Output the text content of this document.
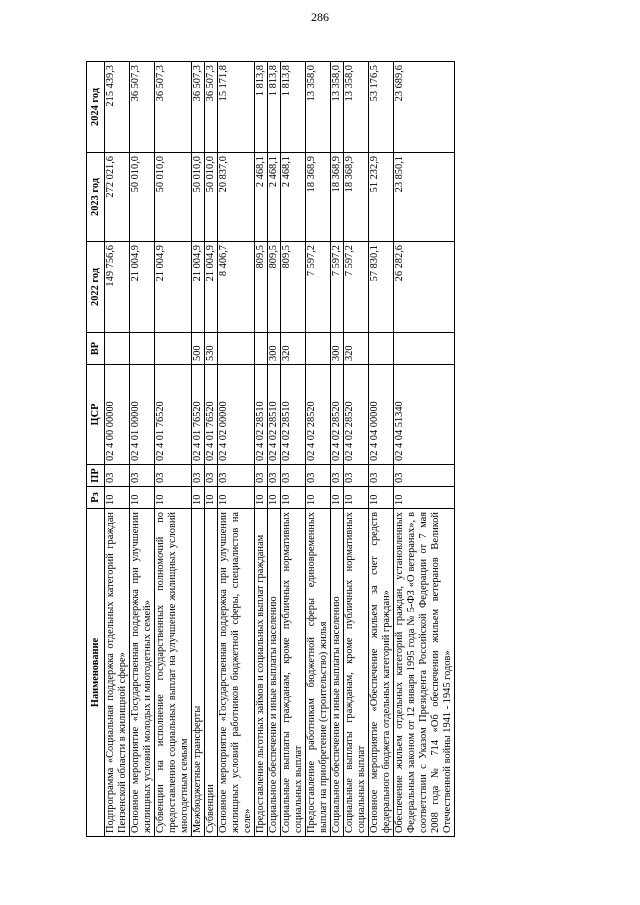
286
Наименование	Рз	ПР	ЦСР	ВР	2022 год	2023 год	2024 год
Подпрограмма «Социальная поддержка отдельных категорий граждан Пензенской области в жилищной сфере»	10	03	02 4 00 00000		149 756,6	272 021,6	215 439,3
Основное мероприятие «Государственная поддержка при улучшении жилищных условий молодых и многодетных семей»	10	03	02 4 01 00000		21 004,9	50 010,0	36 507,3
Субвенции на исполнение государственных полномочий по предоставлению социальных выплат на улучшение жилищных условий многодетным семьям	10	03	02 4 01 76520		21 004,9	50 010,0	36 507,3
Межбюджетные трансферты	10	03	02 4 01 76520	500	21 004,9	50 010,0	36 507,3
Субвенции	10	03	02 4 01 76520	530	21 004,9	50 010,0	36 507,3
Основное мероприятие «Государственная поддержка при улучшении жилищных условий работников бюджетной сферы, специалистов на селе»	10	03	02 4 02 00000		8 406,7	20 837,0	15 171,8
Предоставление льготных займов и социальных выплат гражданам	10	03	02 4 02 28510		809,5	2 468,1	1 813,8
Социальное обеспечение и иные выплаты населению	10	03	02 4 02 28510	300	809,5	2 468,1	1 813,8
Социальные выплаты гражданам, кроме публичных нормативных социальных выплат	10	03	02 4 02 28510	320	809,5	2 468,1	1 813,8
Предоставление работникам бюджетной сферы единовременных выплат на приобретение (строительство) жилья	10	03	02 4 02 28520		7 597,2	18 368,9	13 358,0
Социальное обеспечение и иные выплаты населению	10	03	02 4 02 28520	300	7 597,2	18 368,9	13 358,0
Социальные выплаты гражданам, кроме публичных нормативных социальных выплат	10	03	02 4 02 28520	320	7 597,2	18 368,9	13 358,0
Основное мероприятие «Обеспечение жильем за счет средств федерального бюджета отдельных категорий граждан»	10	03	02 4 04 00000		57 830,1	51 232,9	53 176,5
Обеспечение жильем отдельных категорий граждан, установленных Федеральным законом от 12 января 1995 года № 5-ФЗ «О ветеранах», в соответствии с Указом Президента Российской Федерации от 7 мая 2008 года № 714 «Об обеспечении жильем ветеранов Великой Отечественной войны 1941 - 1945 годов»	10	03	02 4 04 51340		26 282,6	23 850,1	23 689,6
